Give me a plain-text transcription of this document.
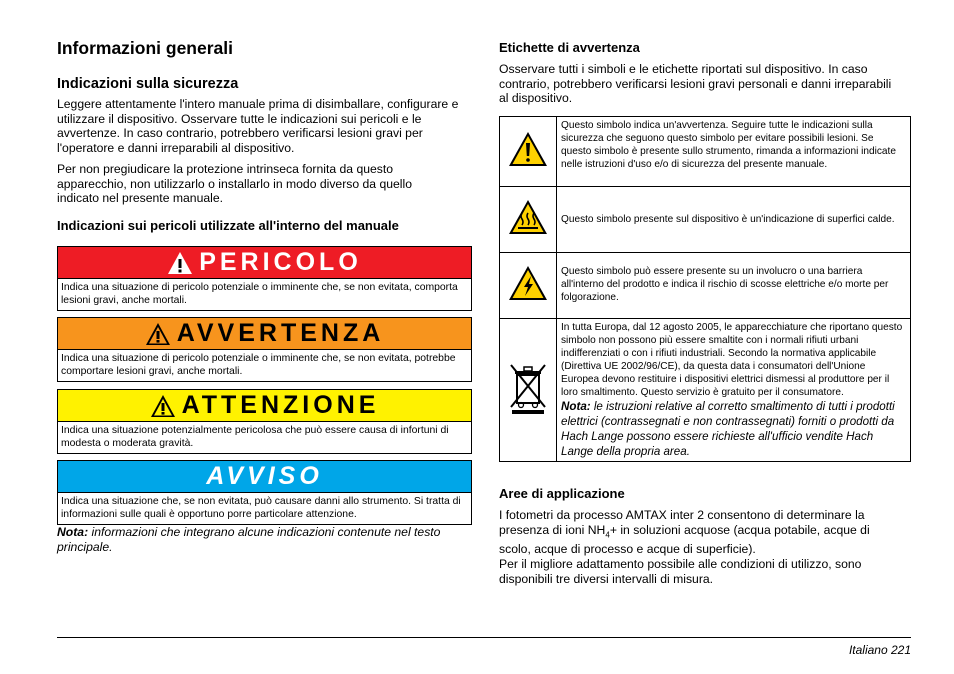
Informazioni generali
Indicazioni sulla sicurezza

Leggere attentamente l'intero manuale prima di disimballare, configurare e utilizzare il dispositivo. Osservare tutte le indicazioni sui pericoli e le avvertenze. In caso contrario, potrebbero verificarsi lesioni gravi per l'operatore e danni irreparabili al dispositivo.

Per non pregiudicare la protezione intrinseca fornita da questo apparecchio, non utilizzarlo o installarlo in modo diverso da quello indicato nel presente manuale.

Indicazioni sui pericoli utilizzate all'interno del manuale
PERICOLO
Indica una situazione di pericolo potenziale o imminente che, se non evitata, comporta lesioni gravi, anche mortali.
AVVERTENZA
Indica una situazione di pericolo potenziale o imminente che, se non evitata, potrebbe comportare lesioni gravi, anche mortali.
ATTENZIONE
Indica una situazione potenzialmente pericolosa che può essere causa di infortuni di modesta o moderata gravità.
AVVISO
Indica una situazione che, se non evitata, può causare danni allo strumento. Si tratta di informazioni sulle quali è opportuno porre particolare attenzione.

Nota: informazioni che integrano alcune indicazioni contenute nel testo principale.

Etichette di avvertenza

Osservare tutti i simboli e le etichette riportati sul dispositivo. In caso contrario, potrebbero verificarsi lesioni gravi personali e danni irreparabili al dispositivo.

	Questo simbolo indica un'avvertenza. Seguire tutte le indicazioni sulla sicurezza che seguono questo simbolo per evitare possibili lesioni. Se questo simbolo è presente sullo strumento, rimanda a informazioni indicate nelle istruzioni d'uso e/o di sicurezza del presente manuale.
	Questo simbolo presente sul dispositivo è un'indicazione di superfici calde.
	Questo simbolo può essere presente su un involucro o una barriera all'interno del prodotto e indica il rischio di scosse elettriche e/o morte per folgorazione.

In tutta Europa, dal 12 agosto 2005, le apparecchiature che riportano questo simbolo non possono più essere smaltite con i normali rifiuti urbani indifferenziati o con i rifiuti industriali. Secondo la normativa applicabile (Direttiva UE 2002/96/CE), da questa data i consumatori dell'Unione Europea devono restituire i dispositivi elettrici dismessi al produttore per il loro smaltimento. Questo servizio è gratuito per il consumatore.
Nota: le istruzioni relative al corretto smaltimento di tutti i prodotti elettrici (contrassegnati e non contrassegnati) forniti o prodotti da Hach Lange possono essere richieste all'ufficio vendite Hach Lange della propria area.
Aree di applicazione

I fotometri da processo AMTAX inter 2 consentono di determinare la presenza di ioni $NH_4+$ in soluzioni acquose (acqua potabile, acque di scolo, acque di processo e acque di superficie).

Per il migliore adattamento possibile alle condizioni di utilizzo, sono disponibili tre diversi intervalli di misura.

Italiano 221
